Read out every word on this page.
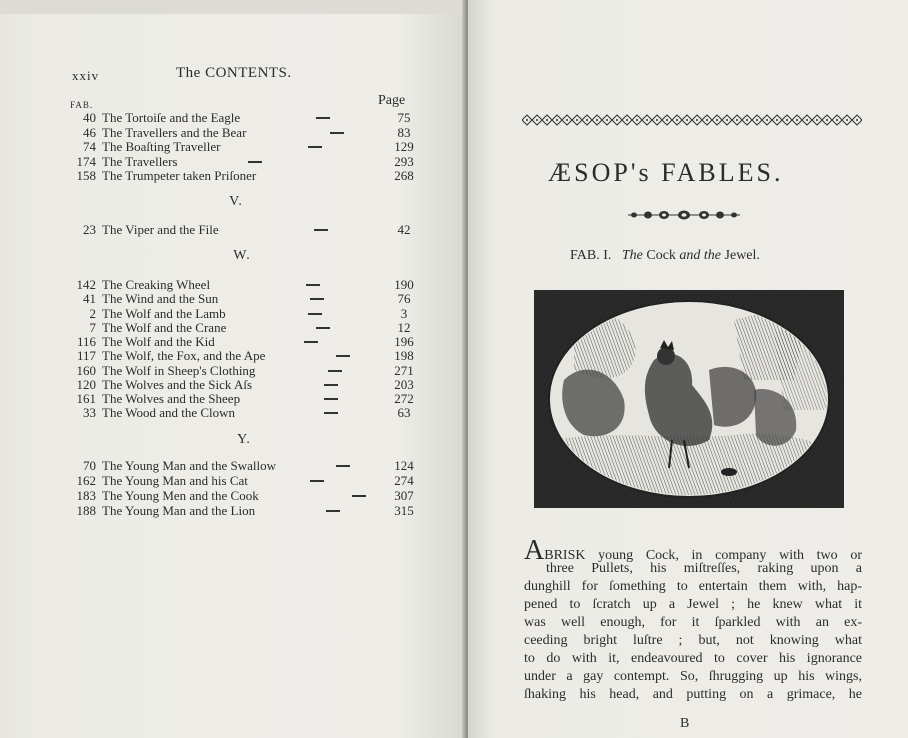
xxiv	The CONTENTS.
FAB.	Page
40 The Tortoiſe and the Eagle	75
46 The Travellers and the Bear	83
74 The Boaſting Traveller	129
174 The Travellers	293
158 The Trumpeter taken Priſoner	268
V.
23 The Viper and the File	42
W.
142 The Creaking Wheel	190
41 The Wind and the Sun	76
2 The Wolf and the Lamb	3
7 The Wolf and the Crane	12
116 The Wolf and the Kid	196
117 The Wolf, the Fox, and the Ape	198
160 The Wolf in Sheep's Clothing	271
120 The Wolves and the Sick Aſs	203
161 The Wolves and the Sheep	272
33 The Wood and the Clown	63
Y.
70 The Young Man and the Swallow	124
162 The Young Man and his Cat	274
183 The Young Men and the Cook	307
188 The Young Man and the Lion	315
ÆSOP's FABLES.
FAB. I. The Cock and the Jewel.
ABRISK young Cock, in company with two or
three Pullets, his miſtreſſes, raking upon a
dunghill for ſomething to entertain them with, hap-
pened to ſcratch up a Jewel ; he knew what it
was well enough, for it ſparkled with an ex-
ceeding bright luſtre ; but, not knowing what
to do with it, endeavoured to cover his ignorance
under a gay contempt. So, ſhrugging up his wings,
ſhaking his head, and putting on a grimace, he
B
